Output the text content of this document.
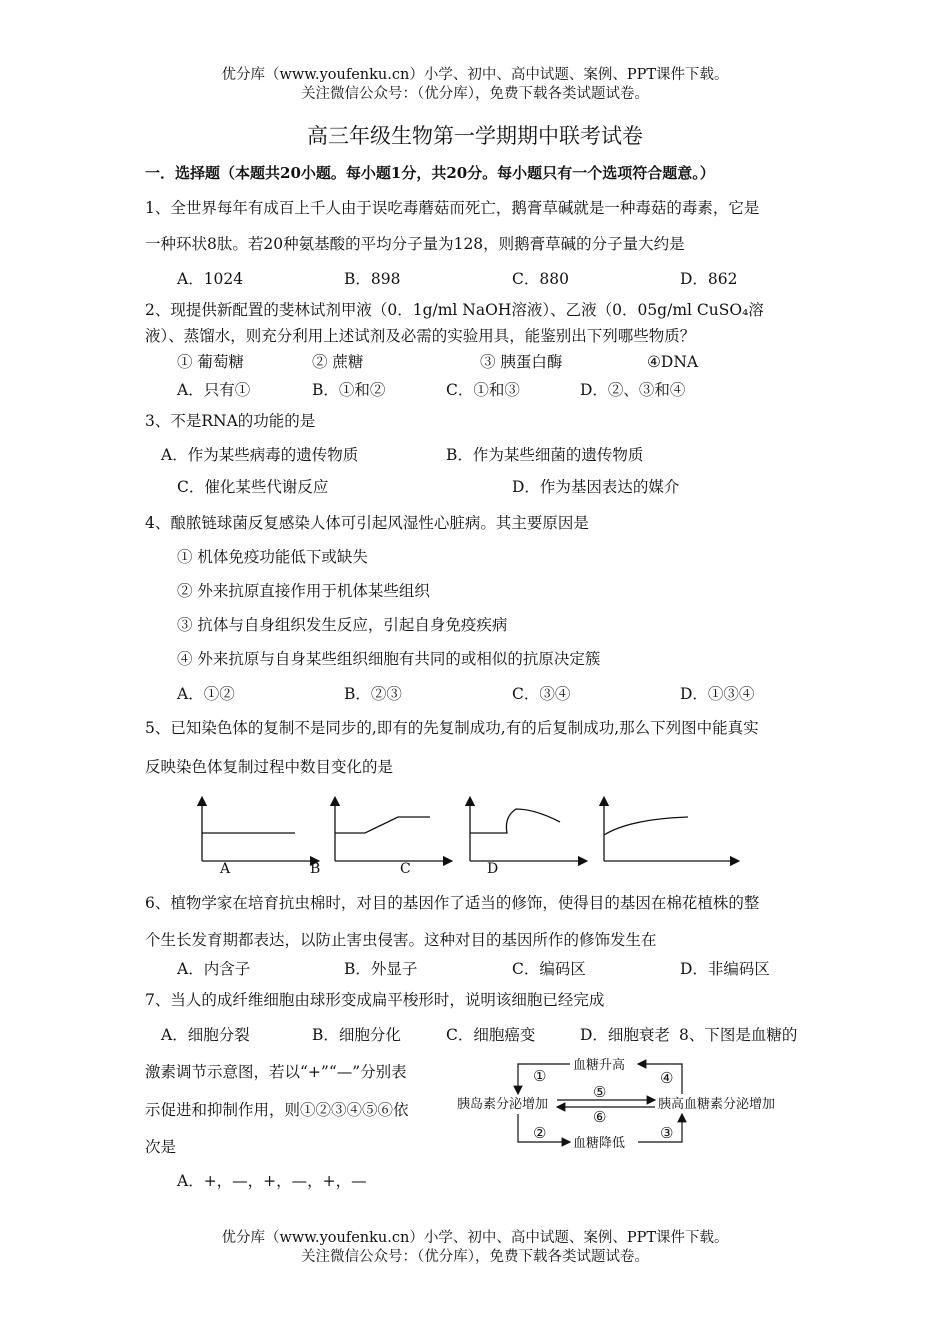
优分库（www.youfenku.cn）小学、初中、高中试题、案例、PPT课件下载。
关注微信公众号：（优分库），免费下载各类试题试卷。
高三年级生物第一学期期中联考试卷
一．选择题（本题共20小题。每小题1分，共20分。每小题只有一个选项符合题意。）
1、全世界每年有成百上千人由于误吃毒蘑菇而死亡，鹅膏草碱就是一种毒菇的毒素，它是
一种环状8肽。若20种氨基酸的平均分子量为128，则鹅膏草碱的分子量大约是
A．1024	B．898	C．880	D．862
2、现提供新配置的斐林试剂甲液（0．1g/ml NaOH溶液）、乙液（0．05g/ml CuSO₄溶
液）、蒸馏水，则充分利用上述试剂及必需的实验用具，能鉴别出下列哪些物质？
① 葡萄糖	② 蔗糖	③ 胰蛋白酶	④DNA
A．只有①	B．①和②	C．①和③	D．②、③和④
3、不是RNA的功能的是
A．作为某些病毒的遗传物质	B．作为某些细菌的遗传物质
C．催化某些代谢反应	D．作为基因表达的媒介
4、酿脓链球菌反复感染人体可引起风湿性心脏病。其主要原因是
① 机体免疫功能低下或缺失
② 外来抗原直接作用于机体某些组织
③ 抗体与自身组织发生反应，引起自身免疫疾病
④ 外来抗原与自身某些组织细胞有共同的或相似的抗原决定簇
A．①②	B．②③	C．③④	D．①③④
5、已知染色体的复制不是同步的,即有的先复制成功,有的后复制成功,那么下列图中能真实
反映染色体复制过程中数目变化的是
A	B	C	D
6、植物学家在培育抗虫棉时，对目的基因作了适当的修饰，使得目的基因在棉花植株的整
个生长发育期都表达，以防止害虫侵害。这种对目的基因所作的修饰发生在
A．内含子	B．外显子	C．编码区	D．非编码区
7、当人的成纤维细胞由球形变成扁平梭形时，说明该细胞已经完成
A．细胞分裂	B．细胞分化	C．细胞癌变	D．细胞衰老 8、下图是血糖的
激素调节示意图，若以“+”“—”分别表
示促进和抑制作用，则①②③④⑤⑥依
次是
A．+，—，+，—，+，—
血糖升高
血糖降低
胰岛素分泌增加	胰高血糖素分泌增加
①	④
⑤
⑥
②	③
优分库（www.youfenku.cn）小学、初中、高中试题、案例、PPT课件下载。
关注微信公众号：（优分库），免费下载各类试题试卷。
